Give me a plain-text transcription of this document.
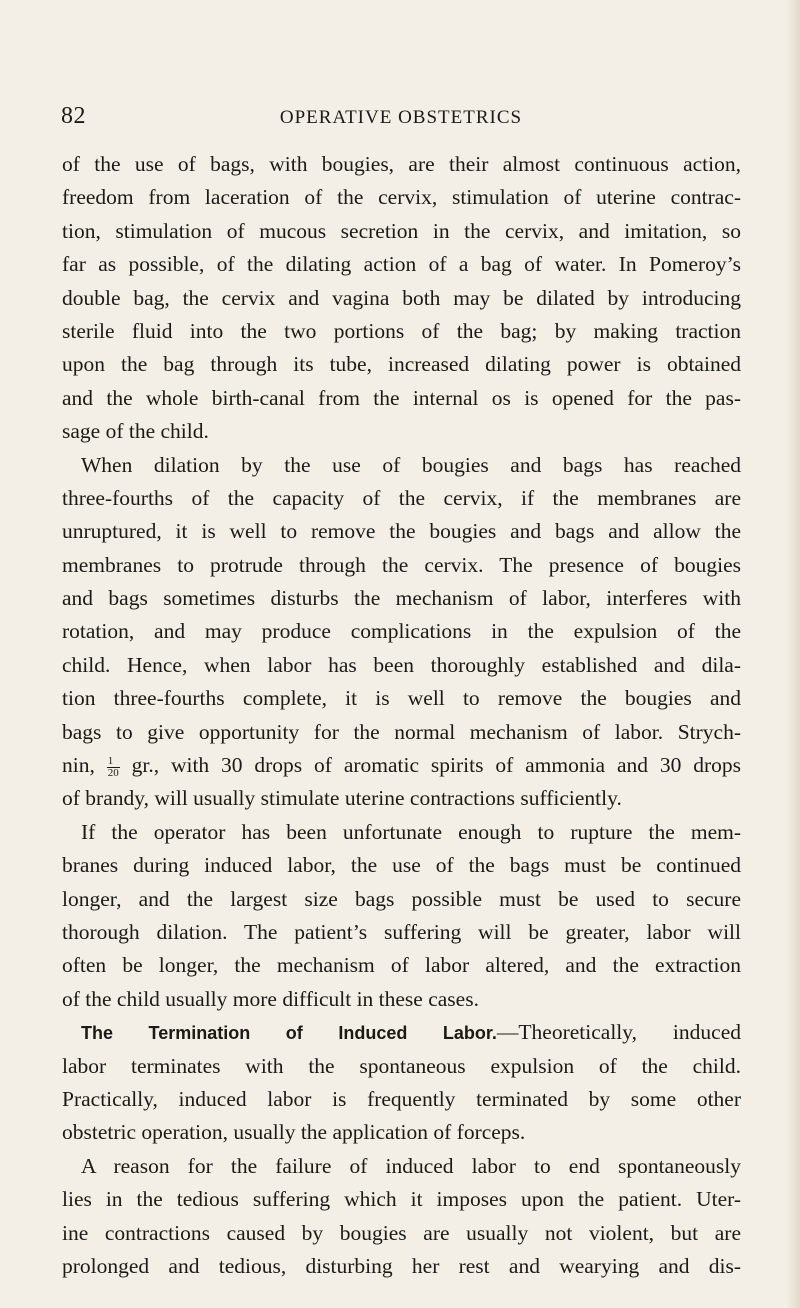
82	OPERATIVE OBSTETRICS
of the use of bags, with bougies, are their almost continuous action,
freedom from laceration of the cervix, stimulation of uterine contrac-
tion, stimulation of mucous secretion in the cervix, and imitation, so
far as possible, of the dilating action of a bag of water. In Pomeroy’s
double bag, the cervix and vagina both may be dilated by introducing
sterile fluid into the two portions of the bag; by making traction
upon the bag through its tube, increased dilating power is obtained
and the whole birth-canal from the internal os is opened for the pas-
sage of the child.
When dilation by the use of bougies and bags has reached
three-fourths of the capacity of the cervix, if the membranes are
unruptured, it is well to remove the bougies and bags and allow the
membranes to protrude through the cervix. The presence of bougies
and bags sometimes disturbs the mechanism of labor, interferes with
rotation, and may produce complications in the expulsion of the
child. Hence, when labor has been thoroughly established and dila-
tion three-fourths complete, it is well to remove the bougies and
bags to give opportunity for the normal mechanism of labor. Strych-
nin, $\frac{1}{20}$ gr., with 30 drops of aromatic spirits of ammonia and 30 drops
of brandy, will usually stimulate uterine contractions sufficiently.
If the operator has been unfortunate enough to rupture the mem-
branes during induced labor, the use of the bags must be continued
longer, and the largest size bags possible must be used to secure
thorough dilation. The patient’s suffering will be greater, labor will
often be longer, the mechanism of labor altered, and the extraction
of the child usually more difficult in these cases.
The Termination of Induced Labor.—Theoretically, induced
labor terminates with the spontaneous expulsion of the child.
Practically, induced labor is frequently terminated by some other
obstetric operation, usually the application of forceps.
A reason for the failure of induced labor to end spontaneously
lies in the tedious suffering which it imposes upon the patient. Uter-
ine contractions caused by bougies are usually not violent, but are
prolonged and tedious, disturbing her rest and wearying and dis-
